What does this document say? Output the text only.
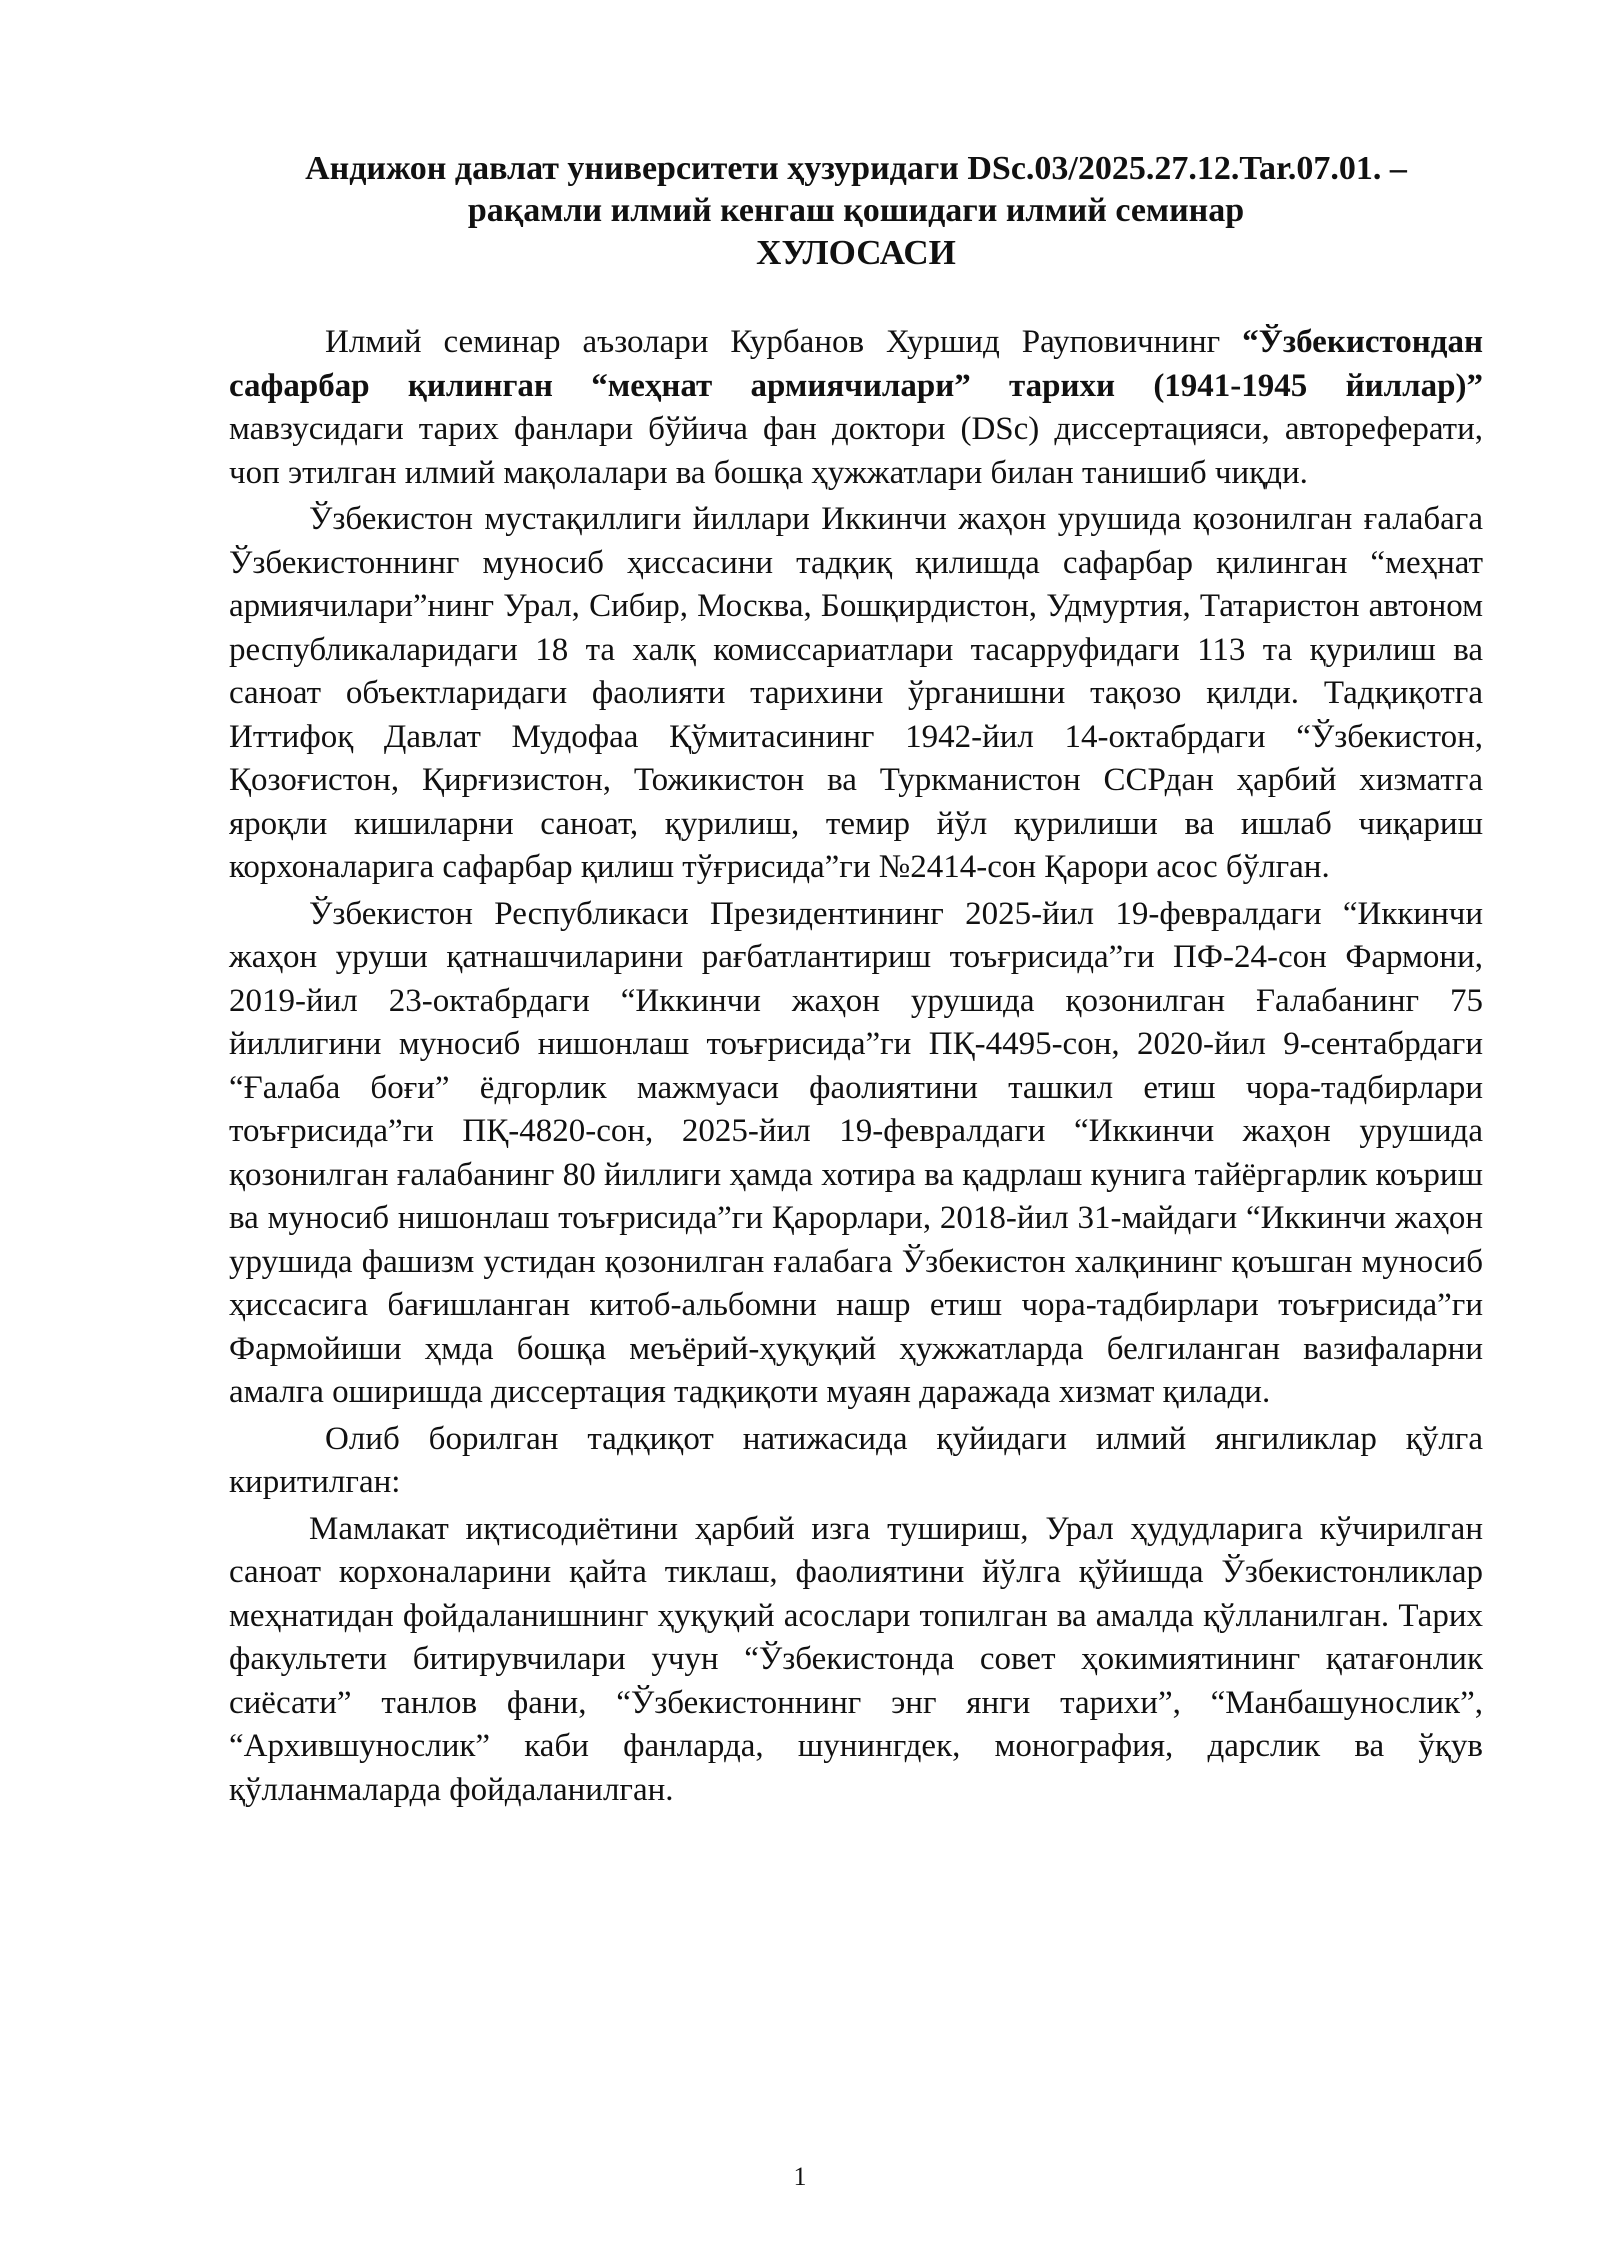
Андижон давлат университети ҳузуридаги DSc.03/2025.27.12.Tar.07.01. –
рақамли илмий кенгаш қошидаги илмий семинар
ХУЛОСАСИ

Илмий семинар аъзолари Курбанов Хуршид Рауповичнинг “Ўзбекистондан сафарбар қилинган “меҳнат армиячилари” тарихи (1941-1945 йиллар)” мавзусидаги тарих фанлари бўйича фан доктори (DSc) диссертацияси, автореферати, чоп этилган илмий мақолалари ва бошқа ҳужжатлари билан танишиб чиқди.

Ўзбекистон мустақиллиги йиллари Иккинчи жаҳон урушида қозонилган ғалабага Ўзбекистоннинг муносиб ҳиссасини тадқиқ қилишда сафарбар қилинган “меҳнат армиячилари”нинг Урал, Сибир, Москва, Бошқирдистон, Удмуртия, Татаристон автоном республикаларидаги 18 та халқ комиссариатлари тасарруфидаги 113 та қурилиш ва саноат объектларидаги фаолияти тарихини ўрганишни тақозо қилди. Тадқиқотга Иттифоқ Давлат Мудофаа Қўмитасининг 1942-йил 14-октабрдаги “Ўзбекистон, Қозоғистон, Қирғизистон, Тожикистон ва Туркманистон ССРдан ҳарбий хизматга яроқли кишиларни саноат, қурилиш, темир йўл қурилиши ва ишлаб чиқариш корхоналарига сафарбар қилиш тўғрисида”ги №2414-сон Қарори асос бўлган.

Ўзбекистон Республикаси Президентининг 2025-йил 19-февралдаги “Иккинчи жаҳон уруши қатнашчиларини рағбатлантириш тоъғрисида”ги ПФ-24-сон Фармони, 2019-йил 23-октабрдаги “Иккинчи жаҳон урушида қозонилган Ғалабанинг 75 йиллигини муносиб нишонлаш тоъғрисида”ги ПҚ-4495-сон, 2020-йил 9-сентабрдаги “Ғалаба боғи” ёдгорлик мажмуаси фаолиятини ташкил етиш чора-тадбирлари тоъғрисида”ги ПҚ-4820-сон, 2025-йил 19-февралдаги “Иккинчи жаҳон урушида қозонилган ғалабанинг 80 йиллиги ҳамда хотира ва қадрлаш кунига тайёргарлик коъриш ва муносиб нишонлаш тоъғрисида”ги Қарорлари, 2018-йил 31-майдаги “Иккинчи жаҳон урушида фашизм устидан қозонилган ғалабага Ўзбекистон халқининг қоъшган муносиб ҳиссасига бағишланган китоб-альбомни нашр етиш чора-тадбирлари тоъғрисида”ги Фармойиши ҳмда бошқа меъёрий-ҳуқуқий ҳужжатларда белгиланган вазифаларни амалга оширишда диссертация тадқиқоти муаян даражада хизмат қилади.

Олиб борилган тадқиқот натижасида қуйидаги илмий янгиликлар қўлга киритилган:

Мамлакат иқтисодиётини ҳарбий изга тушириш, Урал ҳудудларига кўчирилган саноат корхоналарини қайта тиклаш, фаолиятини йўлга қўйишда Ўзбекистонликлар меҳнатидан фойдаланишнинг ҳуқуқий асослари топилган ва амалда қўлланилган. Тарих факультети битирувчилари учун “Ўзбекистонда совет ҳокимиятининг қатағонлик сиёсати” танлов фани, “Ўзбекистоннинг энг янги тарихи”, “Манбашунослик”, “Архившунослик” каби фанларда, шунингдек, монография, дарслик ва ўқув қўлланмаларда фойдаланилган.

1
